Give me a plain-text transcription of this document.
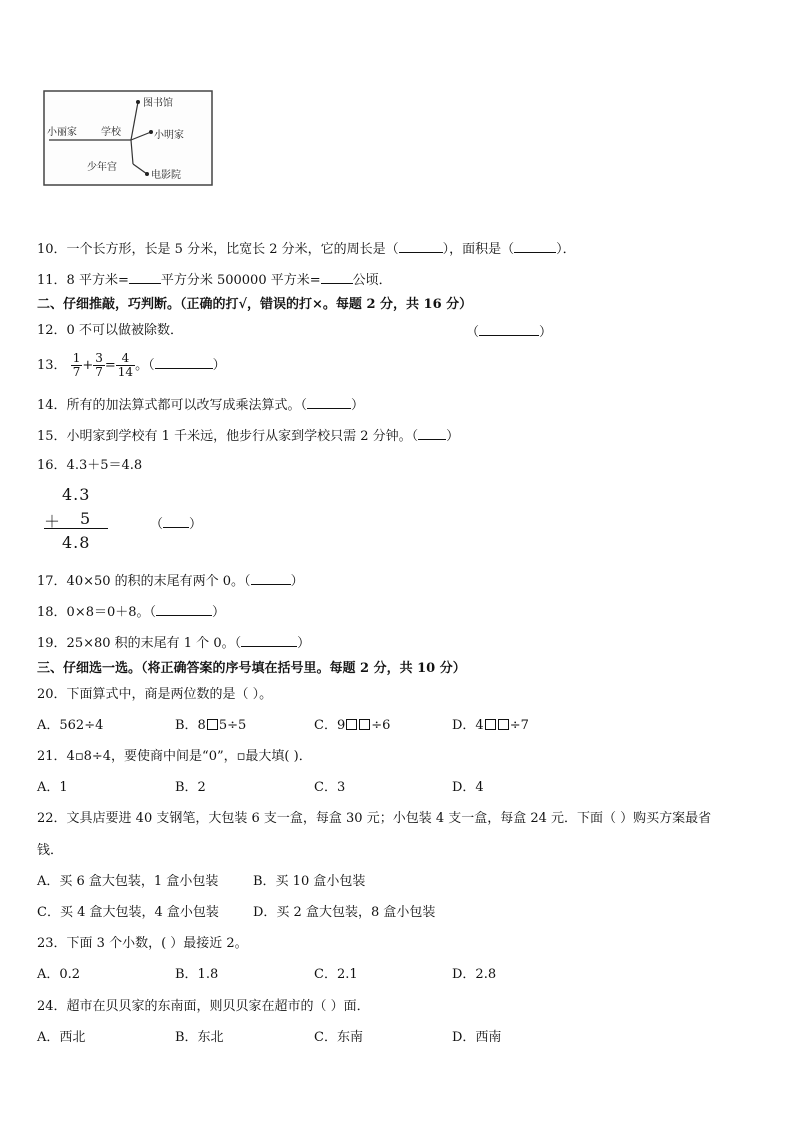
图书馆
小丽家 学校	小明家
少年宫
电影院
10．一个长方形，长是 5 分米，比宽长 2 分米，它的周长是（	），面积是（	）．
11．8 平方米= 平方分米 500000 平方米= 公顷．
二、仔细推敲，巧判断。（正确的打√，错误的打×。每题 2 分，共 16 分）
12．0 不可以做被除数．	（	）
13． $\frac{1}{7} + \frac{3}{7} = \frac{4}{14}$ 。（	）
14．所有的加法算式都可以改写成乘法算式。（	）
15．小明家到学校有 1 千米远，他步行从家到学校只需 2 分钟。（ ）
16．4.3＋5＝4.8
4.3
＋ 5
4.8
（ ）
17．40×50 的积的末尾有两个 0。（	）
18．0×8＝0＋8。（	）
19．25×80 积的末尾有 1 个 0。（	）
三、仔细选一选。（将正确答案的序号填在括号里。每题 2 分，共 10 分）
20．下面算式中，商是两位数的是（ ）。
A．562÷4	B．8 5÷5	C．9 ÷6	D．4 ÷7
21．4▫8÷4，要使商中间是“0”，▫最大填( )．
A．1	B．2	C．3	D．4
22．文具店要进 40 支钢笔，大包装 6 支一盒，每盒 30 元；小包装 4 支一盒，每盒 24 元．下面（ ）购买方案最省
钱．
A．买 6 盒大包装，1 盒小包装	B．买 10 盒小包装
C．买 4 盒大包装，4 盒小包装	D．买 2 盒大包装，8 盒小包装
23．下面 3 个小数，( ）最接近 2。
A．0.2	B．1.8	C．2.1	D．2.8
24．超市在贝贝家的东南面，则贝贝家在超市的（ ）面．
A．西北	B．东北	C．东南	D．西南
